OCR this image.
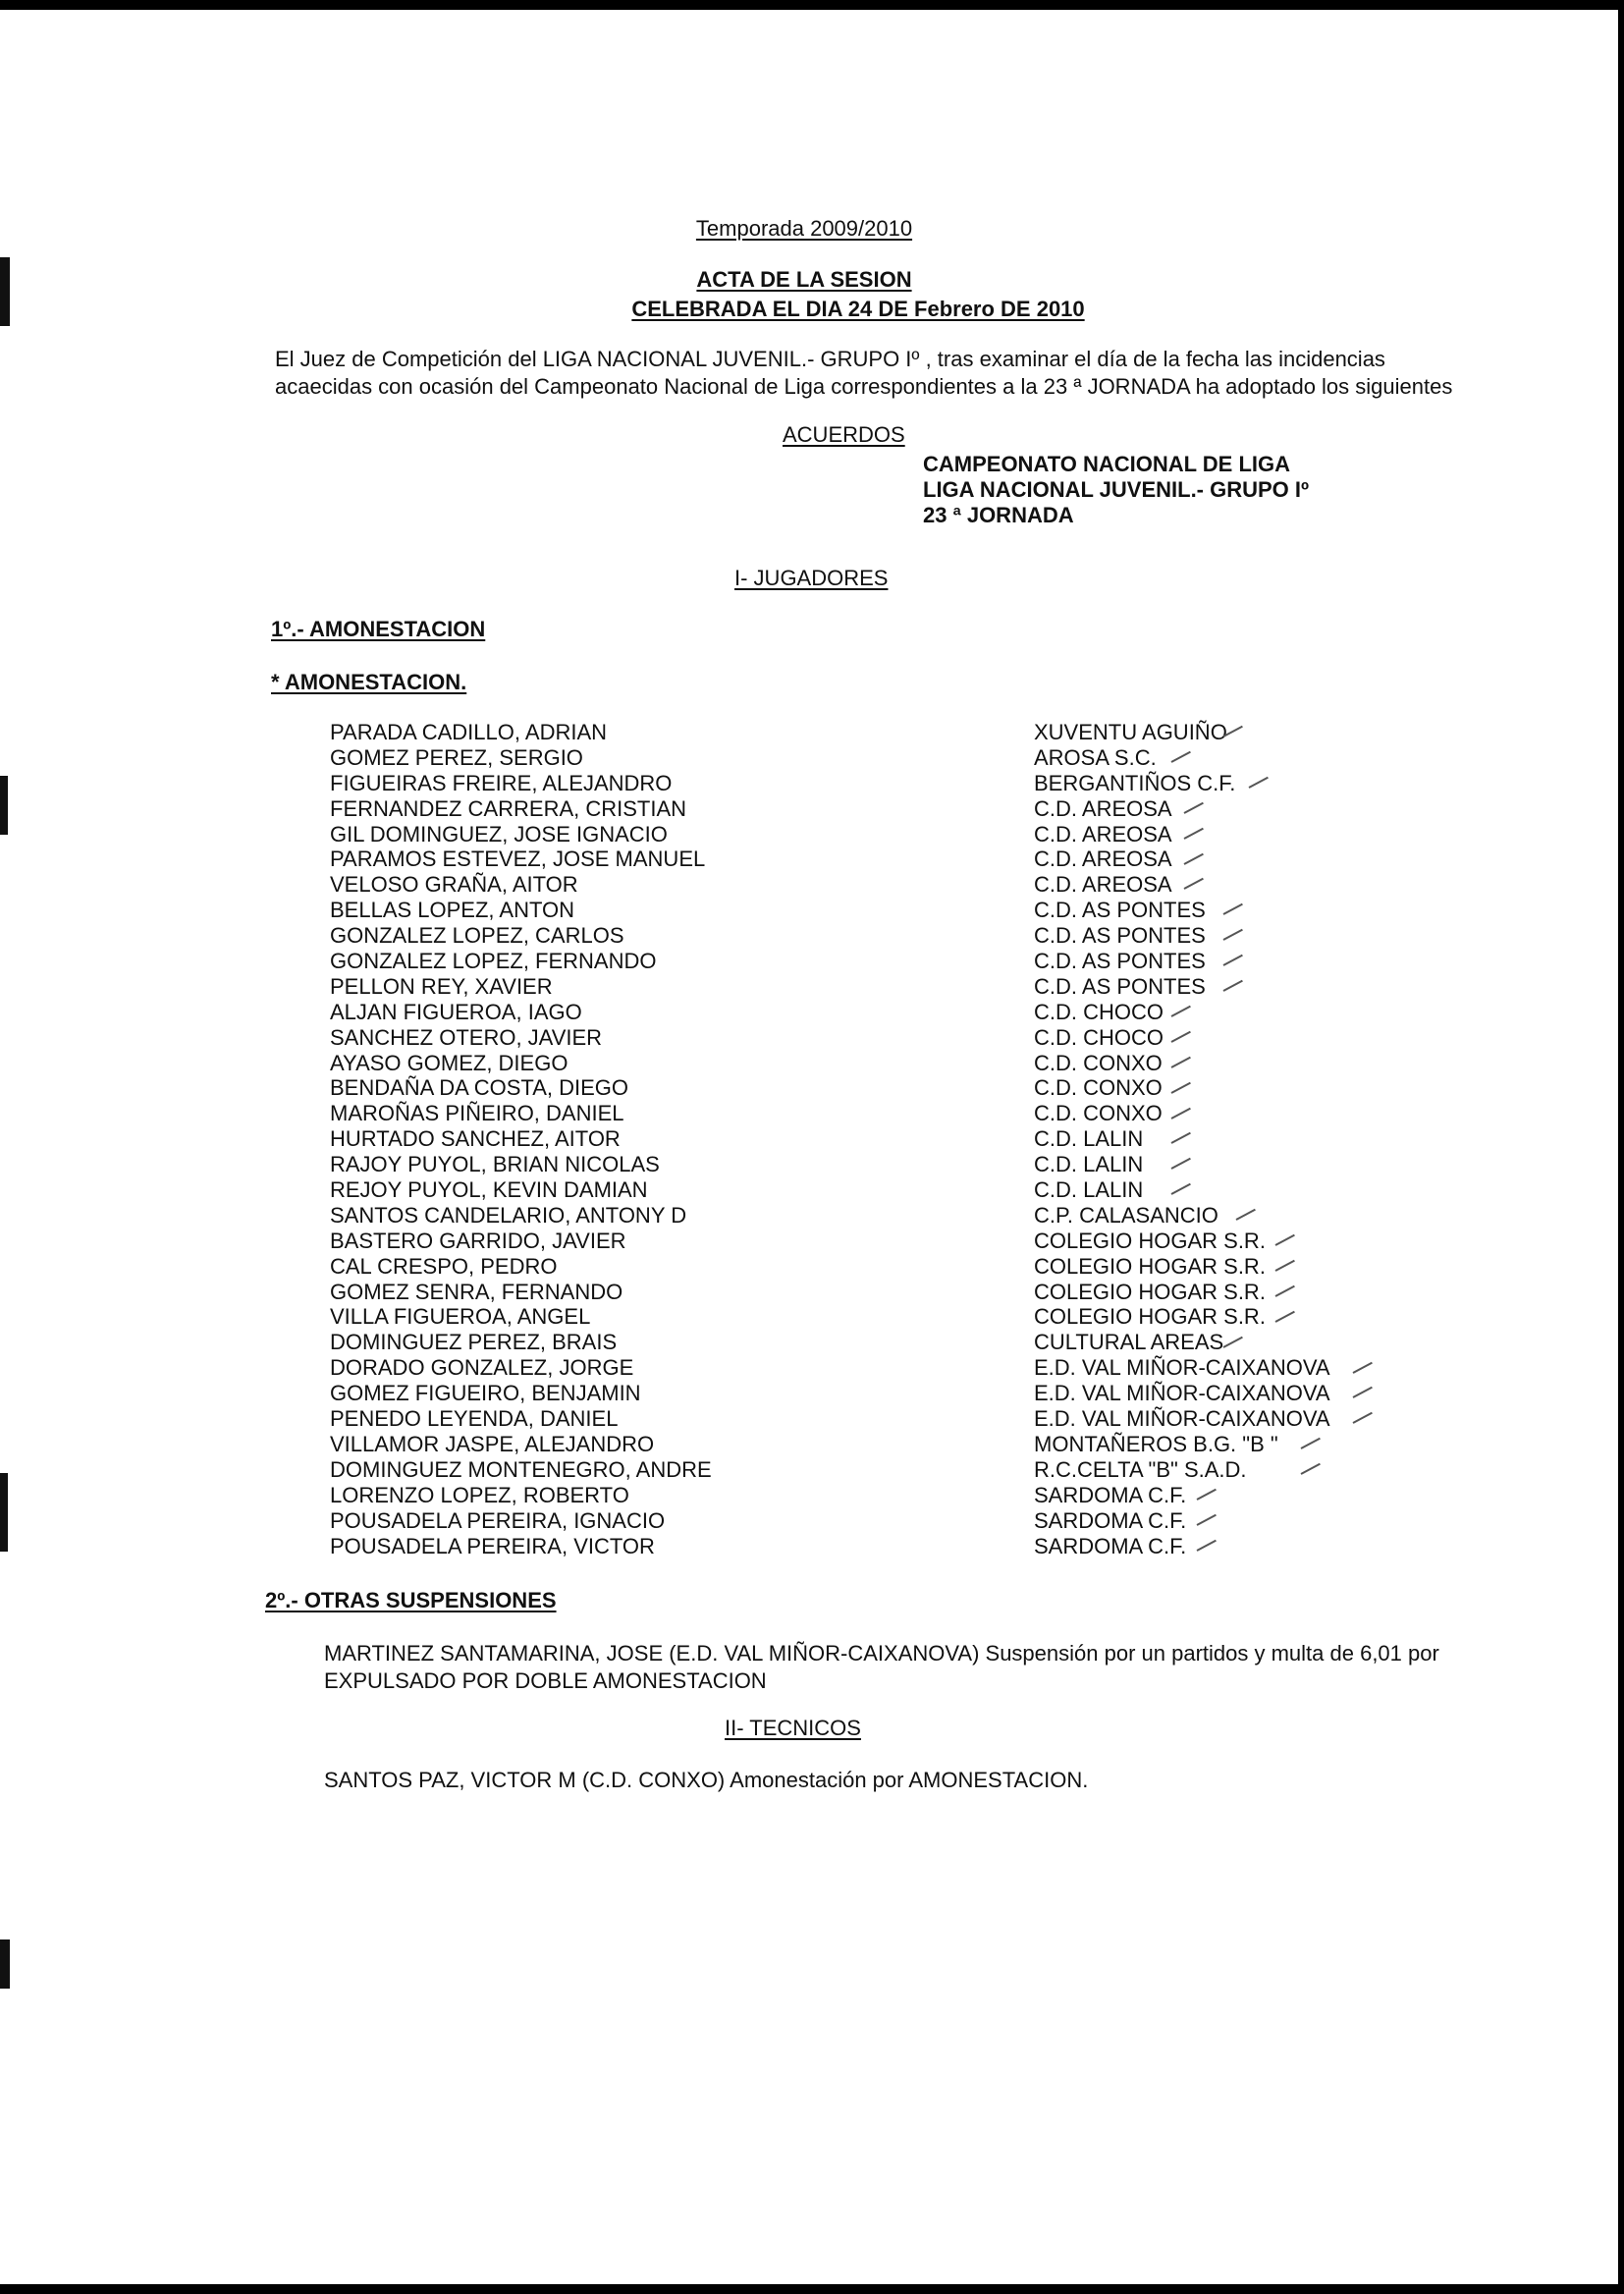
Temporada 2009/2010
ACTA DE LA SESION
CELEBRADA EL DIA 24 DE Febrero DE 2010
El Juez de Competición del LIGA NACIONAL JUVENIL.- GRUPO Iº , tras examinar el día de la fecha las incidencias
acaecidas con ocasión del Campeonato Nacional de Liga correspondientes a la 23 ª JORNADA ha adoptado los siguientes
ACUERDOS
CAMPEONATO NACIONAL DE LIGA
LIGA NACIONAL JUVENIL.- GRUPO Iº
23 ª JORNADA
I- JUGADORES
1º.- AMONESTACION
* AMONESTACION.
PARADA CADILLO, ADRIAN
GOMEZ PEREZ, SERGIO
FIGUEIRAS FREIRE, ALEJANDRO
FERNANDEZ CARRERA, CRISTIAN
GIL DOMINGUEZ, JOSE IGNACIO
PARAMOS ESTEVEZ, JOSE MANUEL
VELOSO GRAÑA, AITOR
BELLAS LOPEZ, ANTON
GONZALEZ LOPEZ, CARLOS
GONZALEZ LOPEZ, FERNANDO
PELLON REY, XAVIER
ALJAN FIGUEROA, IAGO
SANCHEZ OTERO, JAVIER
AYASO GOMEZ, DIEGO
BENDAÑA DA COSTA, DIEGO
MAROÑAS PIÑEIRO, DANIEL
HURTADO SANCHEZ, AITOR
RAJOY PUYOL, BRIAN NICOLAS
REJOY PUYOL, KEVIN DAMIAN
SANTOS CANDELARIO, ANTONY D
BASTERO GARRIDO, JAVIER
CAL CRESPO, PEDRO
GOMEZ SENRA, FERNANDO
VILLA FIGUEROA, ANGEL
DOMINGUEZ PEREZ, BRAIS
DORADO GONZALEZ, JORGE
GOMEZ FIGUEIRO, BENJAMIN
PENEDO LEYENDA, DANIEL
VILLAMOR JASPE, ALEJANDRO
DOMINGUEZ MONTENEGRO, ANDRE
LORENZO LOPEZ, ROBERTO
POUSADELA PEREIRA, IGNACIO
POUSADELA PEREIRA, VICTOR
XUVENTU AGUIÑO
AROSA S.C.
BERGANTIÑOS C.F.
C.D. AREOSA
C.D. AREOSA
C.D. AREOSA
C.D. AREOSA
C.D. AS PONTES
C.D. AS PONTES
C.D. AS PONTES
C.D. AS PONTES
C.D. CHOCO
C.D. CHOCO
C.D. CONXO
C.D. CONXO
C.D. CONXO
C.D. LALIN
C.D. LALIN
C.D. LALIN
C.P. CALASANCIO
COLEGIO HOGAR S.R.
COLEGIO HOGAR S.R.
COLEGIO HOGAR S.R.
COLEGIO HOGAR S.R.
CULTURAL AREAS
E.D. VAL MIÑOR-CAIXANOVA
E.D. VAL MIÑOR-CAIXANOVA
E.D. VAL MIÑOR-CAIXANOVA
MONTAÑEROS B.G. "B "
R.C.CELTA "B" S.A.D.
SARDOMA C.F.
SARDOMA C.F.
SARDOMA C.F.
2º.- OTRAS SUSPENSIONES
MARTINEZ SANTAMARINA, JOSE (E.D. VAL MIÑOR-CAIXANOVA) Suspensión por un partidos y multa de 6,01 por
EXPULSADO POR DOBLE AMONESTACION
II- TECNICOS
SANTOS PAZ, VICTOR M (C.D. CONXO) Amonestación por AMONESTACION.
